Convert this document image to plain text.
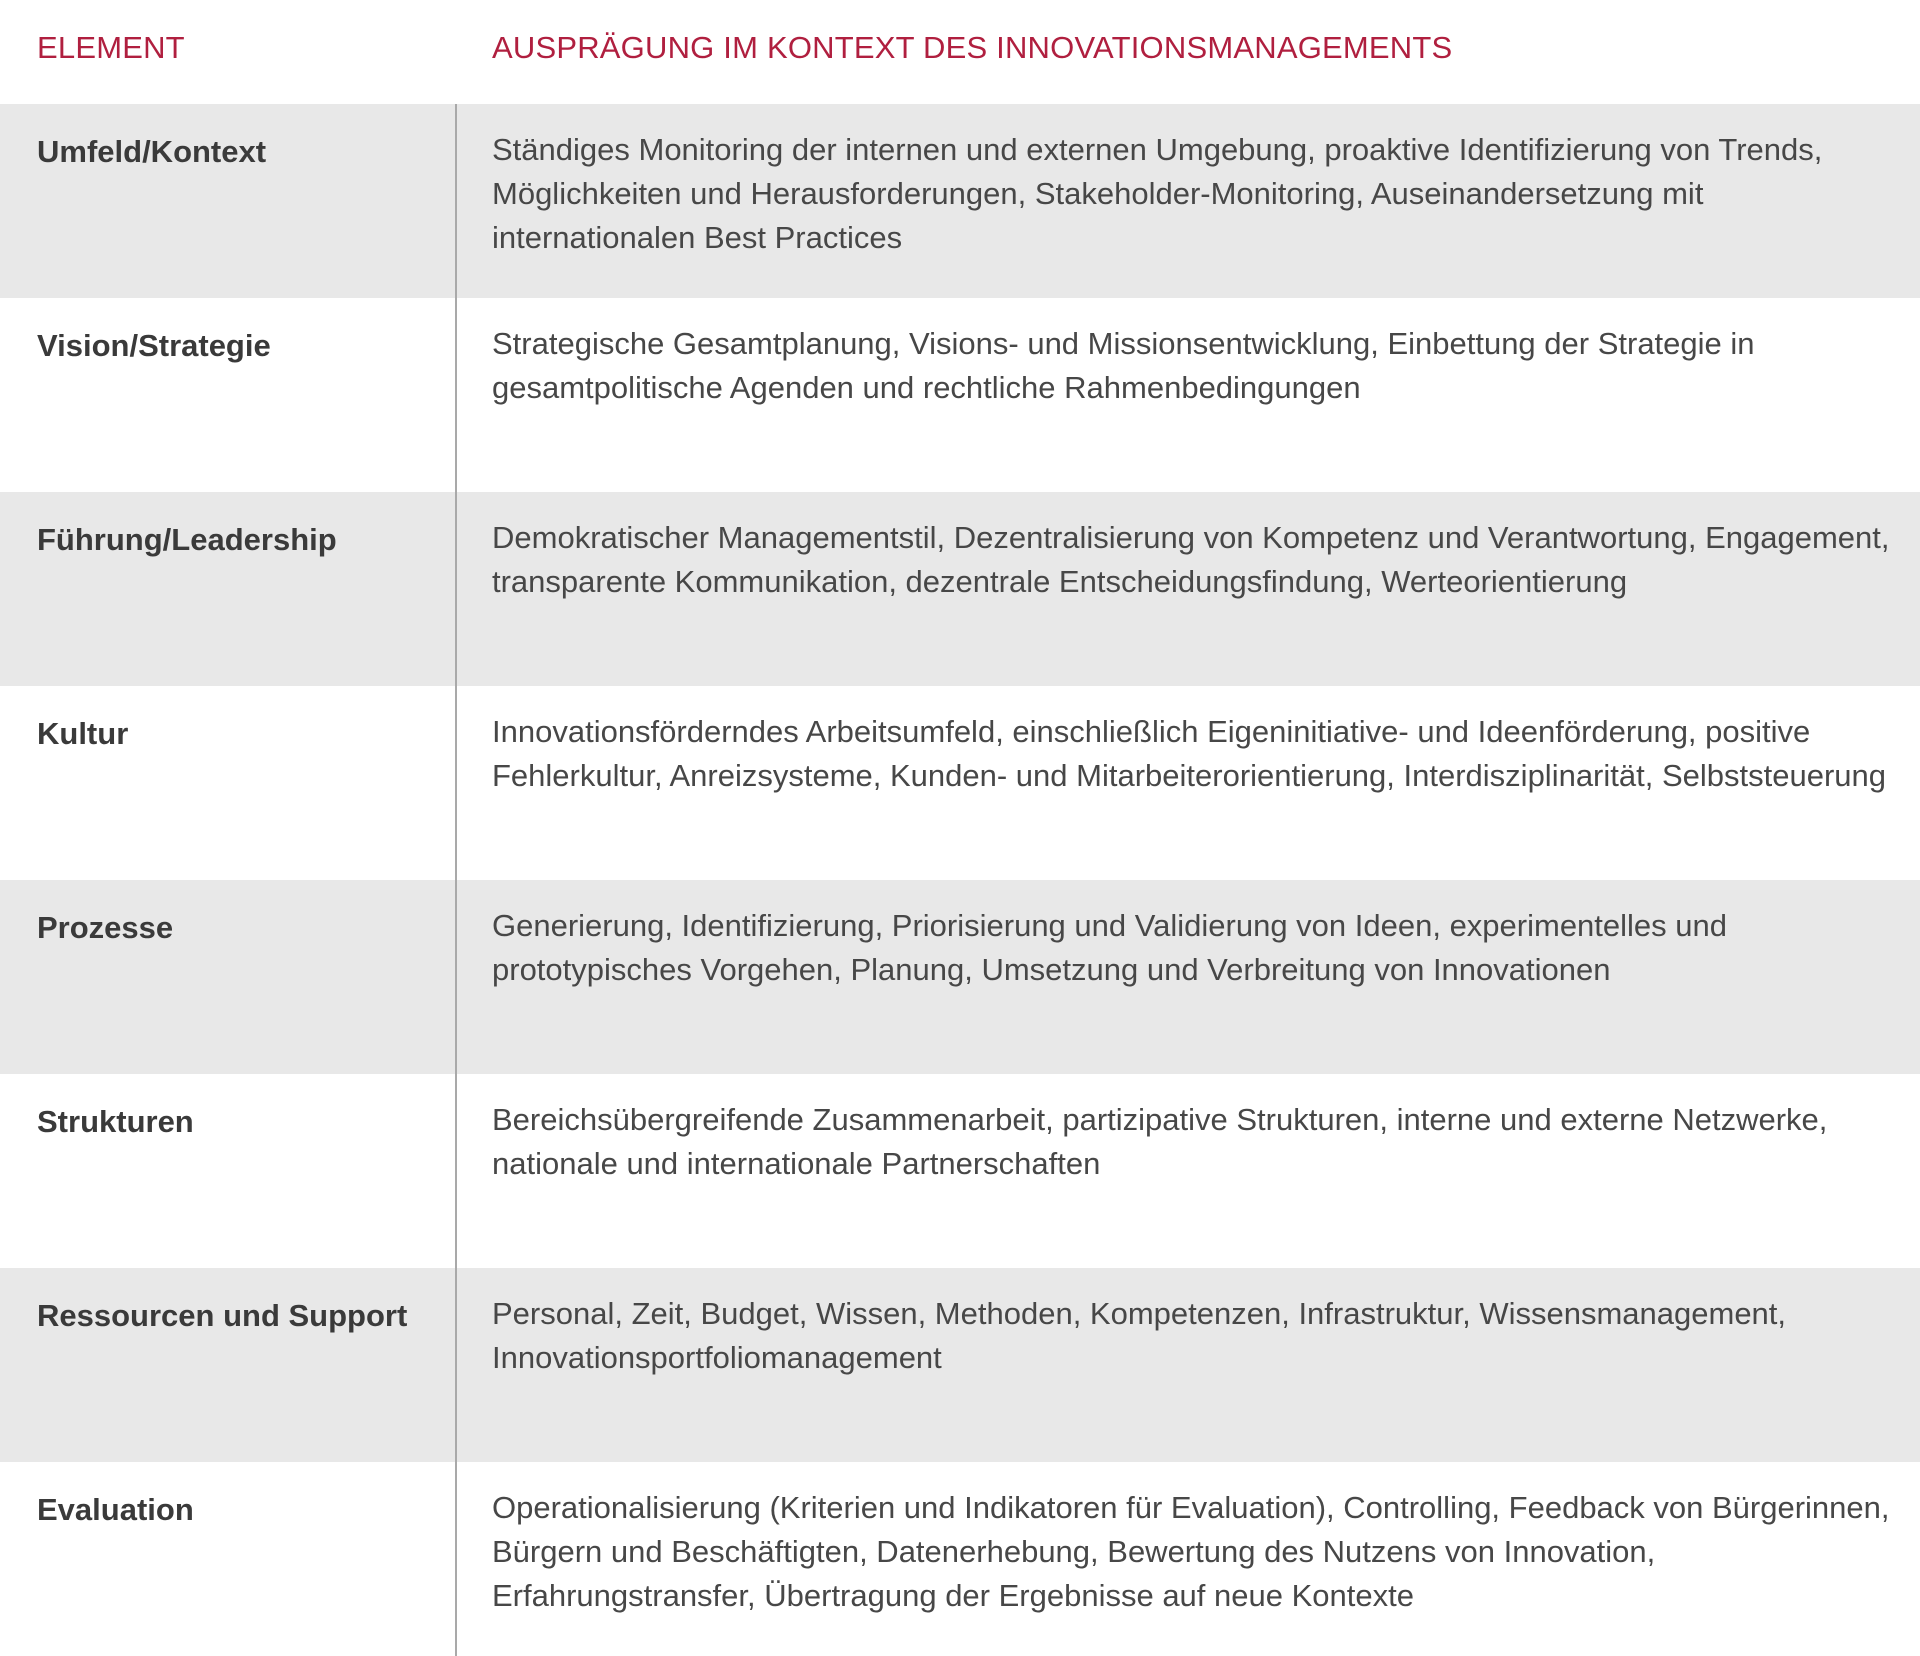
ELEMENT	AUSPRÄGUNG IM KONTEXT DES INNOVATIONSMANAGEMENTS
Umfeld/Kontext	Ständiges Monitoring der internen und externen Umgebung, proaktive Identifizierung von Trends, Möglichkeiten und Herausforderungen, Stakeholder-Monitoring, Auseinandersetzung mit internationalen Best Practices
Vision/Strategie	Strategische Gesamtplanung, Visions- und Missionsentwicklung, Einbettung der Strategie in gesamtpolitische Agenden und rechtliche Rahmenbedingungen
Führung/Leadership	Demokratischer Managementstil, Dezentralisierung von Kompetenz und Verantwortung, Engagement, transparente Kommunikation, dezentrale Entscheidungsfindung, Werteorientierung
Kultur	Innovationsförderndes Arbeitsumfeld, einschließlich Eigeninitiative- und Ideenförderung, positive Fehlerkultur, Anreizsysteme, Kunden- und Mitarbeiterorientierung, Interdisziplinarität, Selbststeuerung
Prozesse	Generierung, Identifizierung, Priorisierung und Validierung von Ideen, experimentelles und prototypisches Vorgehen, Planung, Umsetzung und Verbreitung von Innovationen
Strukturen	Bereichsübergreifende Zusammenarbeit, partizipative Strukturen, interne und externe Netzwerke, nationale und internationale Partnerschaften
Ressourcen und Support	Personal, Zeit, Budget, Wissen, Methoden, Kompetenzen, Infrastruktur, Wissensmanagement, Innovationsportfoliomanagement
Evaluation	Operationalisierung (Kriterien und Indikatoren für Evaluation), Controlling, Feedback von Bürgerinnen, Bürgern und Beschäftigten, Datenerhebung, Bewertung des Nutzens von Innovation, Erfahrungstransfer, Übertragung der Ergebnisse auf neue Kontexte
